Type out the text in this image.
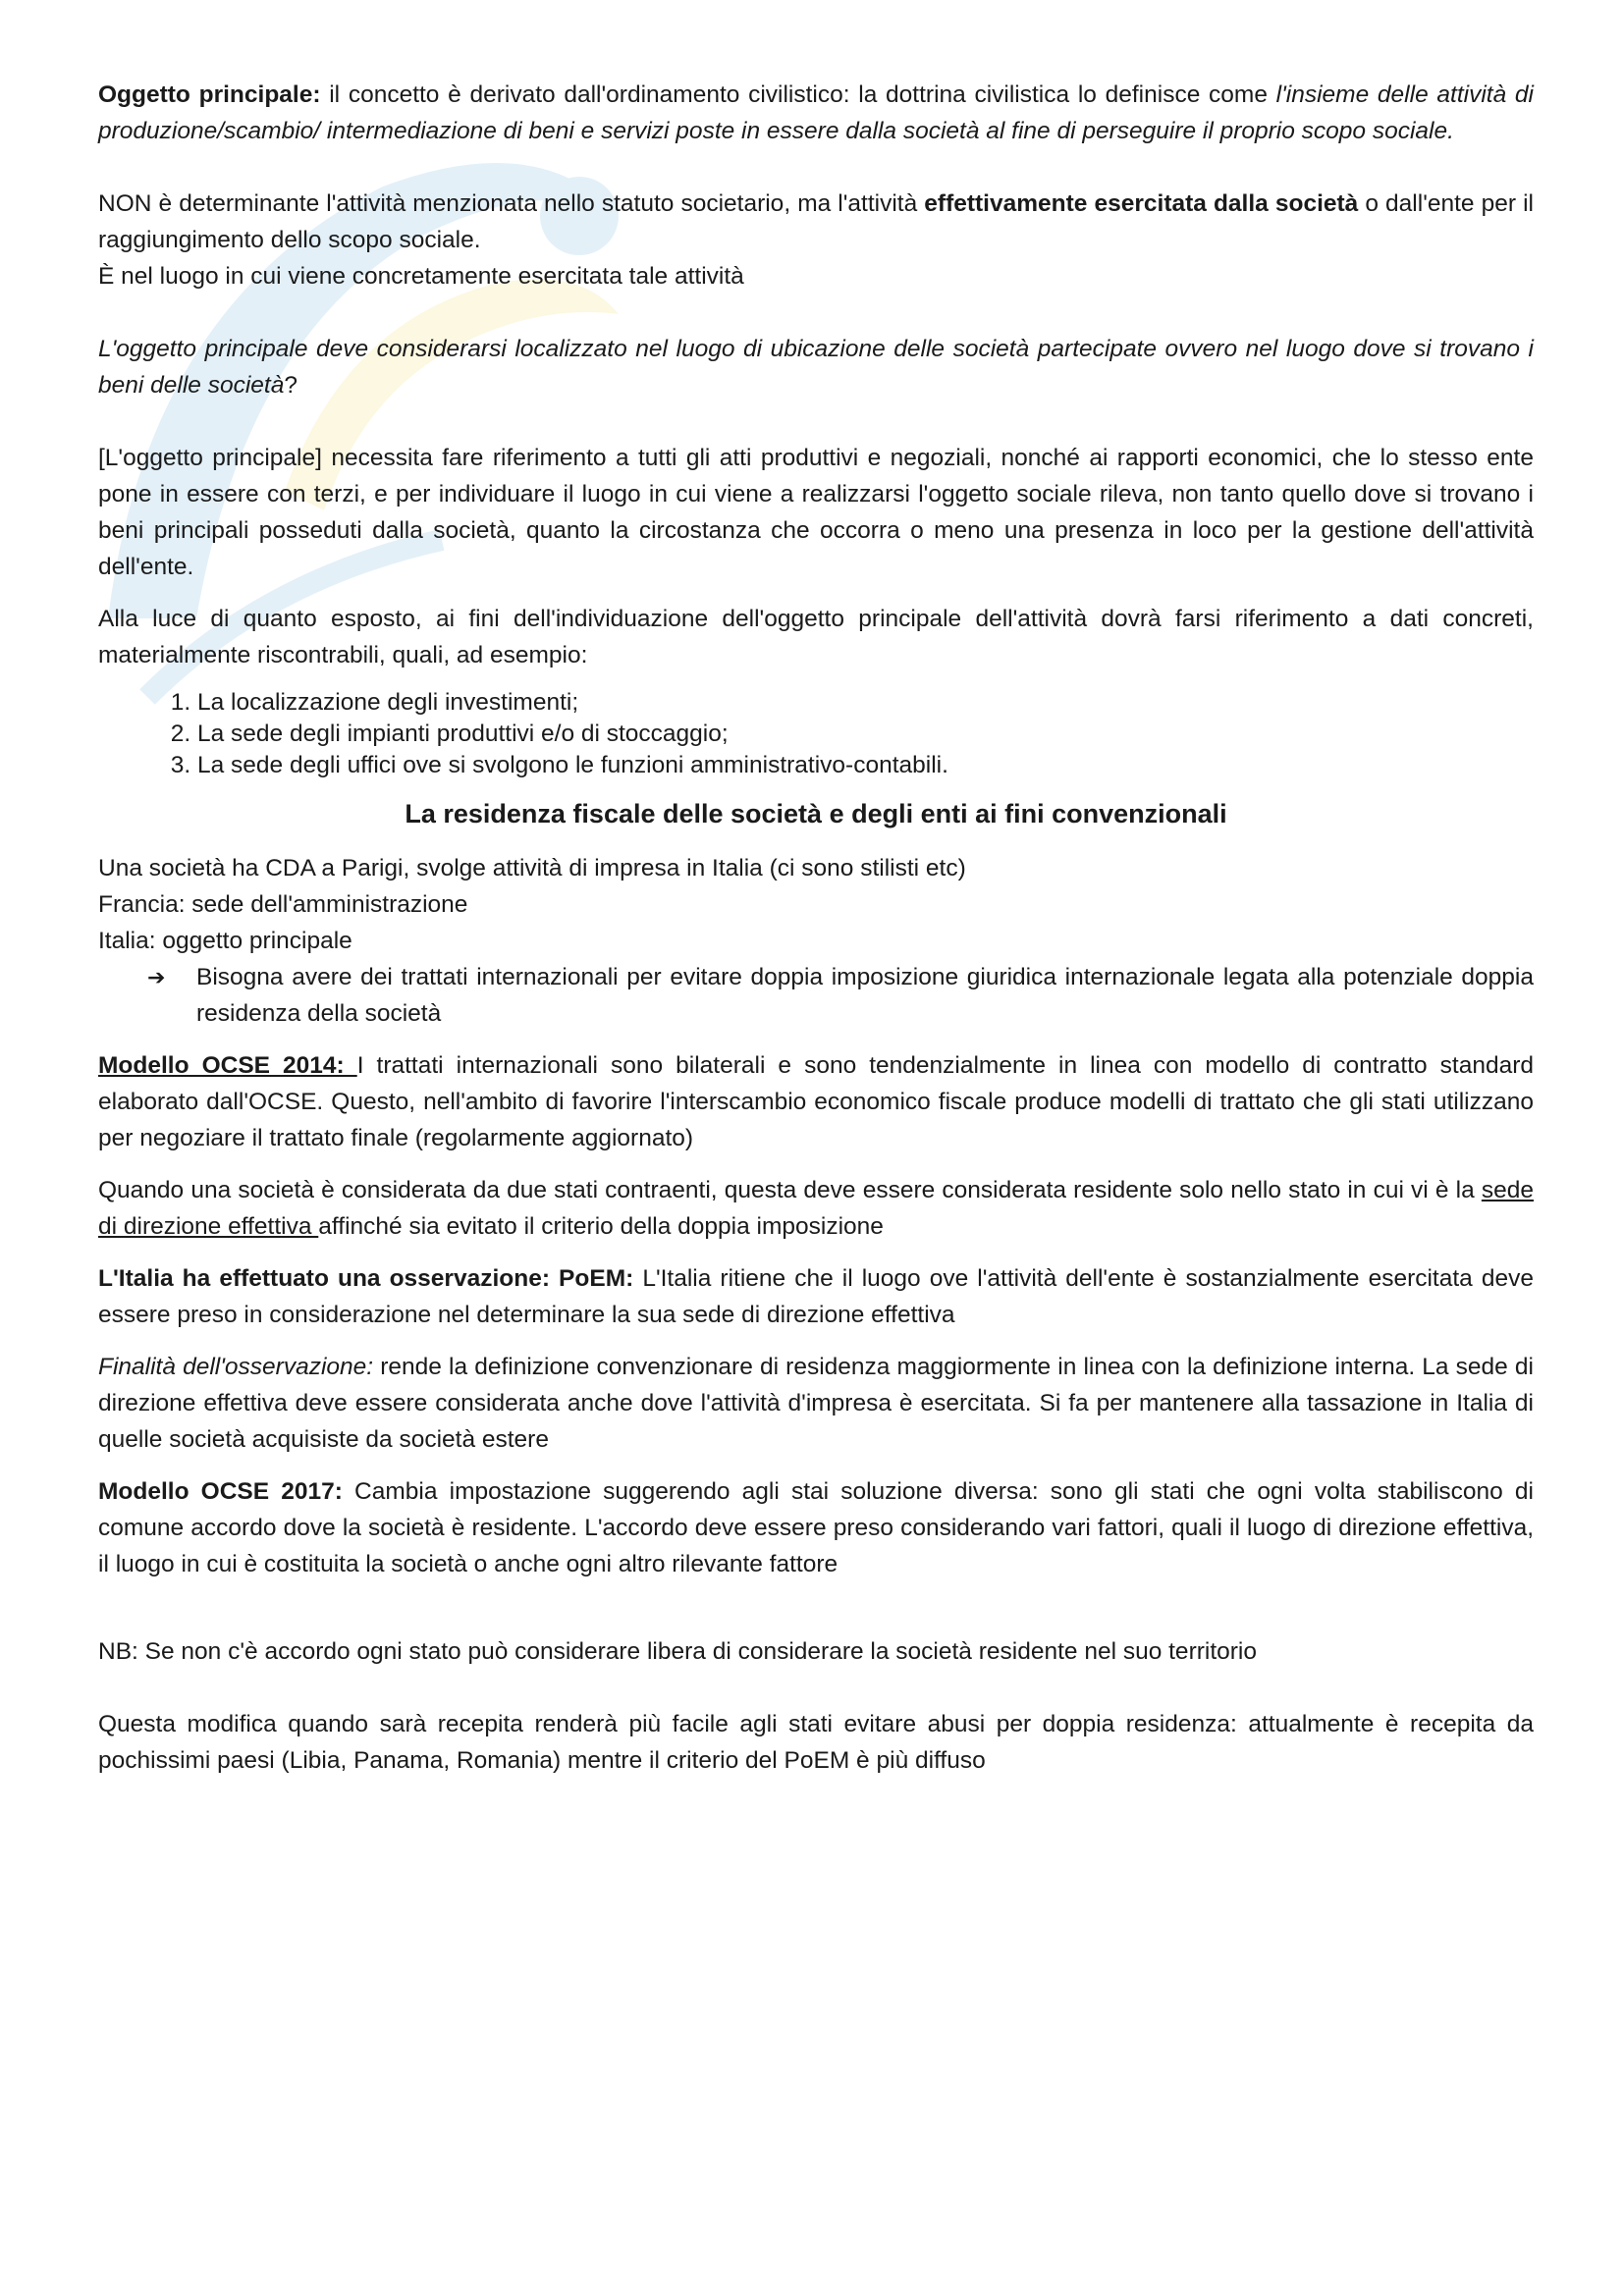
Oggetto principale: il concetto è derivato dall'ordinamento civilistico: la dottrina civilistica lo definisce come l'insieme delle attività di produzione/scambio/ intermediazione di beni e servizi poste in essere dalla società al fine di perseguire il proprio scopo sociale.

NON è determinante l'attività menzionata nello statuto societario, ma l'attività effettivamente esercitata dalla società o dall'ente per il raggiungimento dello scopo sociale.

È nel luogo in cui viene concretamente esercitata tale attività

L'oggetto principale deve considerarsi localizzato nel luogo di ubicazione delle società partecipate ovvero nel luogo dove si trovano i beni delle società?

[L'oggetto principale] necessita fare riferimento a tutti gli atti produttivi e negoziali, nonché ai rapporti economici, che lo stesso ente pone in essere con terzi, e per individuare il luogo in cui viene a realizzarsi l'oggetto sociale rileva, non tanto quello dove si trovano i beni principali posseduti dalla società, quanto la circostanza che occorra o meno una presenza in loco per la gestione dell'attività dell'ente.

Alla luce di quanto esposto, ai fini dell'individuazione dell'oggetto principale dell'attività dovrà farsi riferimento a dati concreti, materialmente riscontrabili, quali, ad esempio:

1. La localizzazione degli investimenti;
2. La sede degli impianti produttivi e/o di stoccaggio;
3. La sede degli uffici ove si svolgono le funzioni amministrativo-contabili.
La residenza fiscale delle società e degli enti ai fini convenzionali

Una società ha CDA a Parigi, svolge attività di impresa in Italia (ci sono stilisti etc)

Francia: sede dell'amministrazione

Italia: oggetto principale

➔	Bisogna avere dei trattati internazionali per evitare doppia imposizione giuridica internazionale legata alla potenziale doppia residenza della società

Modello OCSE 2014: I trattati internazionali sono bilaterali e sono tendenzialmente in linea con modello di contratto standard elaborato dall'OCSE. Questo, nell'ambito di favorire l'interscambio economico fiscale produce modelli di trattato che gli stati utilizzano per negoziare il trattato finale (regolarmente aggiornato)

Quando una società è considerata da due stati contraenti, questa deve essere considerata residente solo nello stato in cui vi è la sede di direzione effettiva affinché sia evitato il criterio della doppia imposizione

L'Italia ha effettuato una osservazione: PoEM: L'Italia ritiene che il luogo ove l'attività dell'ente è sostanzialmente esercitata deve essere preso in considerazione nel determinare la sua sede di direzione effettiva

Finalità dell'osservazione: rende la definizione convenzionare di residenza maggiormente in linea con la definizione interna. La sede di direzione effettiva deve essere considerata anche dove l'attività d'impresa è esercitata. Si fa per mantenere alla tassazione in Italia di quelle società acquisiste da società estere

Modello OCSE 2017: Cambia impostazione suggerendo agli stai soluzione diversa: sono gli stati che ogni volta stabiliscono di comune accordo dove la società è residente. L'accordo deve essere preso considerando vari fattori, quali il luogo di direzione effettiva, il luogo in cui è costituita la società o anche ogni altro rilevante fattore

NB: Se non c'è accordo ogni stato può considerare libera di considerare la società residente nel suo territorio

Questa modifica quando sarà recepita renderà più facile agli stati evitare abusi per doppia residenza: attualmente è recepita da pochissimi paesi (Libia, Panama, Romania) mentre il criterio del PoEM è più diffuso
